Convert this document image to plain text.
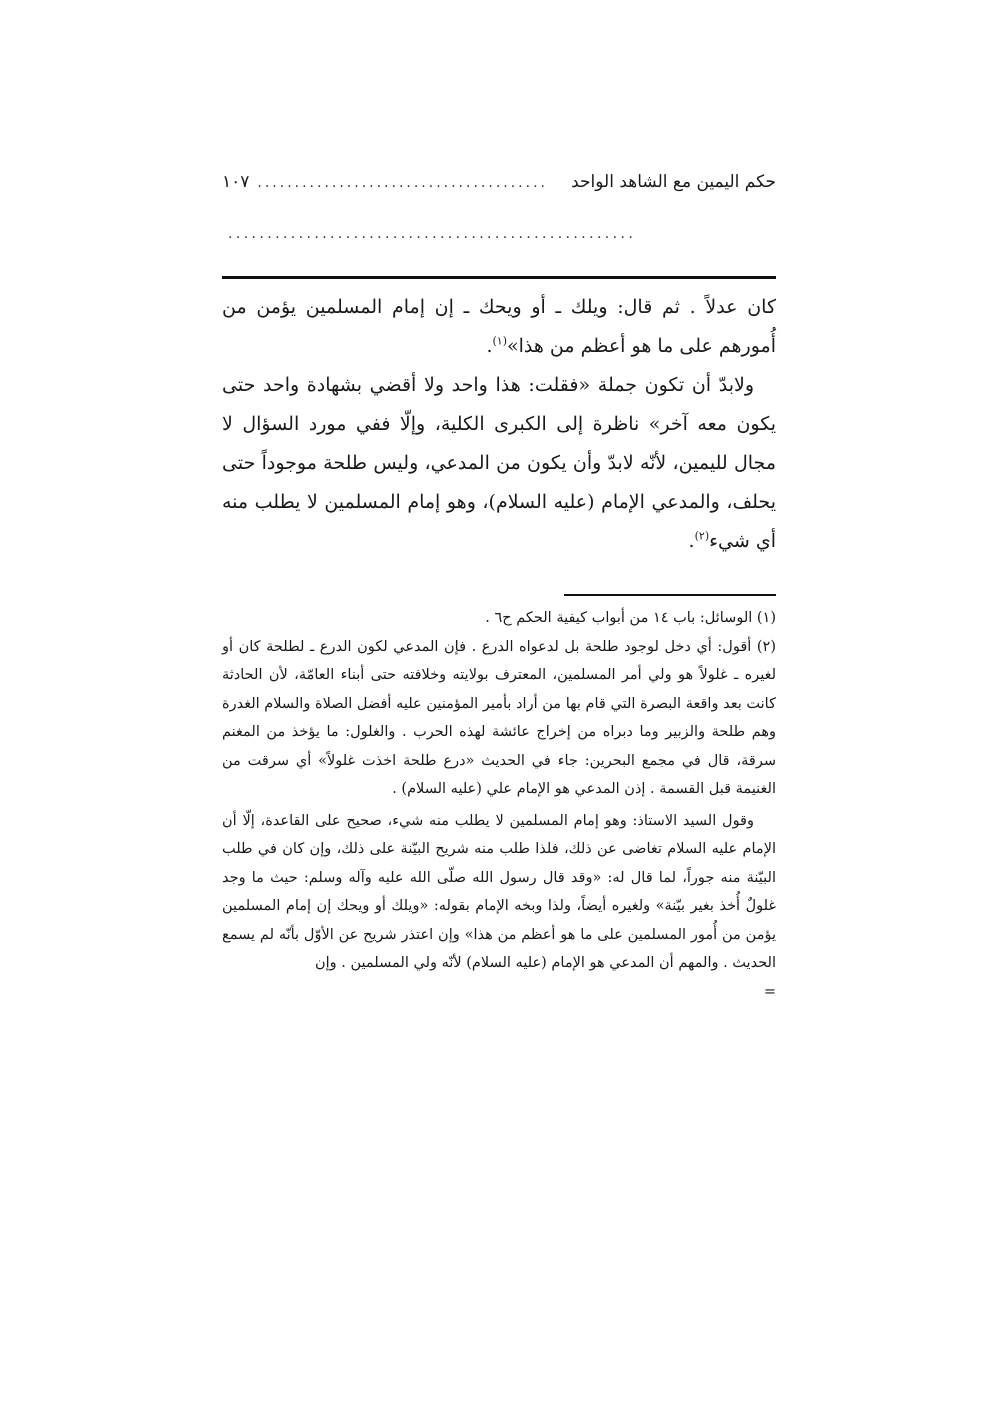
حكم اليمين مع الشاهد الواحد
.......................................
١٠٧
....................................................

كان عدلاً . ثم قال: ويلك ـ أو ويحك ـ إن إمام المسلمين يؤمن من أُمورهم على ما هو أعظم من هذا»$^{(١)}$.

ولابدّ أن تكون جملة «فقلت: هذا واحد ولا أقضي بشهادة واحد حتى يكون معه آخر» ناظرة إلى الكبرى الكلية، وإلّا ففي مورد السؤال لا مجال لليمين، لأنّه لابدّ وأن يكون من المدعي، وليس طلحة موجوداً حتى يحلف، والمدعي الإمام (عليه السلام)، وهو إمام المسلمين لا يطلب منه أي شيء$^{(٢)}$.

(١) الوسائل: باب ١٤ من أبواب كيفية الحكم ح٦ .

(٢) أقول: أي دخل لوجود طلحة بل لدعواه الدرع . فإن المدعي لكون الدرع ـ لطلحة كان أو لغيره ـ غلولاً هو ولي أمر المسلمين، المعترف بولايته وخلافته حتى أبناء العامّة، لأن الحادثة كانت بعد واقعة البصرة التي قام بها من أراد بأمير المؤمنين عليه أفضل الصلاة والسلام الغدرة وهم طلحة والزبير وما دبراه من إخراج عائشة لهذه الحرب . والغلول: ما يؤخذ من المغنم سرقة، قال في مجمع البحرين: جاء في الحديث «درع طلحة اخذت غلولاً» أي سرقت من الغنيمة قبل القسمة . إذن المدعي هو الإمام علي (عليه السلام) .

وقول السيد الاستاذ: وهو إمام المسلمين لا يطلب منه شيء، صحيح على القاعدة، إلّا أن الإمام عليه السلام تغاضى عن ذلك، فلذا طلب منه شريح البيّنة على ذلك، وإن كان في طلب البيّنة منه جوراً، لما قال له: «وقد قال رسول الله صلّى الله عليه وآله وسلم: حيث ما وجد غلولٌ أُخذ بغير بيّنة» ولغيره أيضاً، ولذا وبخه الإمام بقوله: «ويلك أو ويحك إن إمام المسلمين يؤمن من أُمور المسلمين على ما هو أعظم من هذا» وإن اعتذر شريح عن الأوّل بأنّه لم يسمع الحديث . والمهم أن المدعي هو الإمام (عليه السلام) لأنّه ولي المسلمين . وإن

=
